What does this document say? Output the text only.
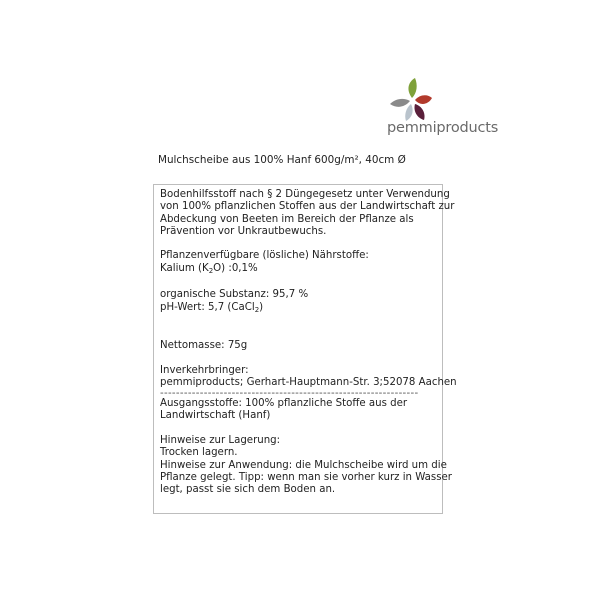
pemmiproducts
Mulchscheibe aus 100% Hanf 600g/m², 40cm Ø
Bodenhilfsstoff nach § 2 Düngegesetz unter Verwendung
von 100% pflanzlichen Stoffen aus der Landwirtschaft zur
Abdeckung von Beeten im Bereich der Pflanze als
Prävention vor Unkrautbewuchs.
Pflanzenverfügbare (lösliche) Nährstoffe:
Kalium $(K_2O)$ :0,1%
organische Substanz: 95,7 %
pH-Wert: 5,7 (CaCl$_2$)
Nettomasse: 75g
Inverkehrbringer:
pemmiproducts; Gerhart-Hauptmann-Str. 3;52078 Aachen
-----------------------------------------------------------------
Ausgangsstoffe: 100% pflanzliche Stoffe aus der
Landwirtschaft (Hanf)
Hinweise zur Lagerung:
Trocken lagern.
Hinweise zur Anwendung: die Mulchscheibe wird um die
Pflanze gelegt. Tipp: wenn man sie vorher kurz in Wasser
legt, passt sie sich dem Boden an.
